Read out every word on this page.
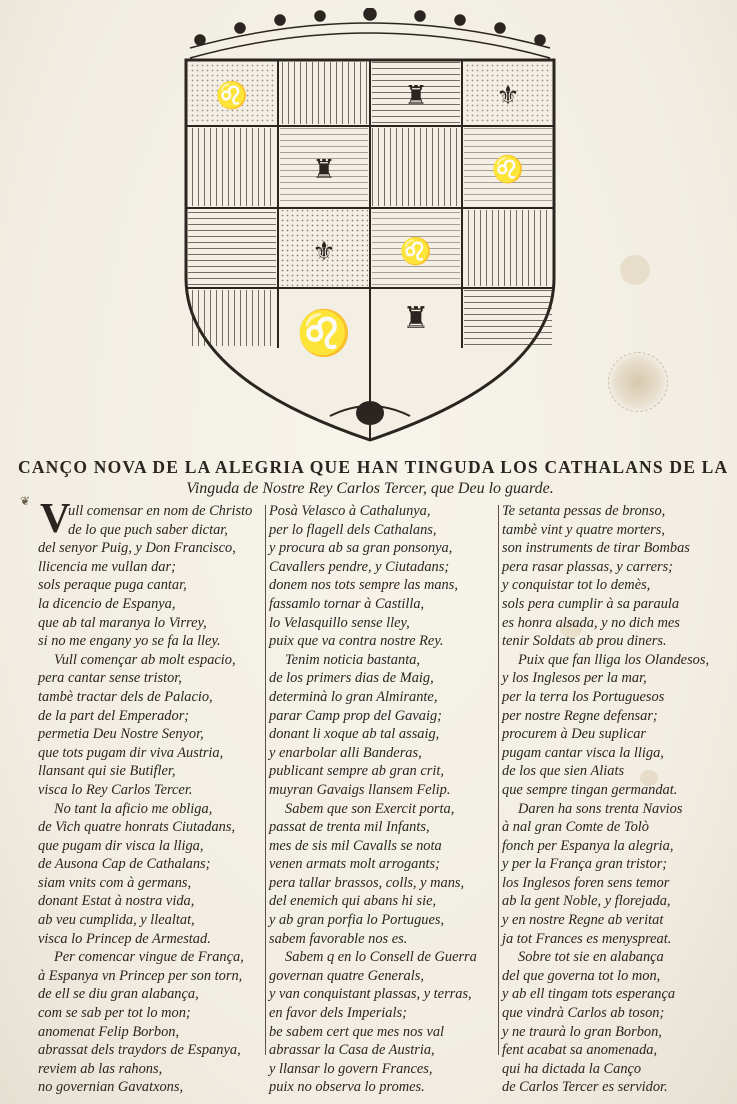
♌	♜	⚜
♜	♌
⚜ ♌
♌ ♜
CANÇO NOVA DE LA ALEGRIA QUE HAN TINGUDA LOS CATHALANS DE LA
Vinguda de Nostre Rey Carlos Tercer, que Deu lo guarde.
❦ V
ull comensar en nom de Christo
de lo que puch saber dictar,
del senyor Puig, y Don Francisco,
llicencia me vullan dar;
sols peraque puga cantar,
la dicencio de Espanya,
que ab tal maranya lo Virrey,
si no me engany yo se fa la lley.
Vull començar ab molt espacio,
pera cantar sense tristor,
tambè tractar dels de Palacio,
de la part del Emperador;
permetia Deu Nostre Senyor,
que tots pugam dir viva Austria,
llansant qui sie Butifler,
visca lo Rey Carlos Tercer.
No tant la aficio me obliga,
de Vich quatre honrats Ciutadans,
que pugam dir visca la lliga,
de Ausona Cap de Cathalans;
siam vnits com à germans,
donant Estat à nostra vida,
ab veu cumplida, y llealtat,
visca lo Princep de Armestad.
Per comencar vingue de França,
à Espanya vn Princep per son torn,
de ell se diu gran alabança,
com se sab per tot lo mon;
anomenat Felip Borbon,
abrassat dels traydors de Espanya,
reviem ab las rahons,
no governian Gavatxons,
Posà Velasco à Cathalunya,
per lo flagell dels Cathalans,
y procura ab sa gran ponsonya,
Cavallers pendre, y Ciutadans;
donem nos tots sempre las mans,
fassamlo tornar à Castilla,
lo Velasquillo sense lley,
puix que va contra nostre Rey.
Tenim noticia bastanta,
de los primers dias de Maig,
determinà lo gran Almirante,
parar Camp prop del Gavaig;
donant li xoque ab tal assaig,
y enarbolar alli Banderas,
publicant sempre ab gran crit,
muyran Gavaigs llansem Felip.
Sabem que son Exercit porta,
passat de trenta mil Infants,
mes de sis mil Cavalls se nota
venen armats molt arrogants;
pera tallar brassos, colls, y mans,
del enemich qui abans hi sie,
y ab gran porfia lo Portugues,
sabem favorable nos es.
Sabem q en lo Consell de Guerra
governan quatre Generals,
y van conquistant plassas, y terras,
en favor dels Imperials;
be sabem cert que mes nos val
abrassar la Casa de Austria,
y llansar lo govern Frances,
puix no observa lo promes.
Te setanta pessas de bronso,
tambè vint y quatre morters,
son instruments de tirar Bombas
pera rasar plassas, y carrers;
y conquistar tot lo demès,
sols pera cumplir à sa paraula
es honra alsada, y no dich mes
tenir Soldats ab prou diners.
Puix que fan lliga los Olandesos,
y los Inglesos per la mar,
per la terra los Portuguesos
per nostre Regne defensar;
procurem à Deu suplicar
pugam cantar visca la lliga,
de los que sien Aliats
que sempre tingan germandat.
Daren ha sons trenta Navios
à nal gran Comte de Tolò
fonch per Espanya la alegria,
y per la França gran tristor;
los Inglesos foren sens temor
ab la gent Noble, y florejada,
y en nostre Regne ab veritat
ja tot Frances es menyspreat.
Sobre tot sie en alabança
del que governa tot lo mon,
y ab ell tingam tots esperança
que vindrà Carlos ab toson;
y ne traurà lo gran Borbon,
fent acabat sa anomenada,
qui ha dictada la Canço
de Carlos Tercer es servidor.
